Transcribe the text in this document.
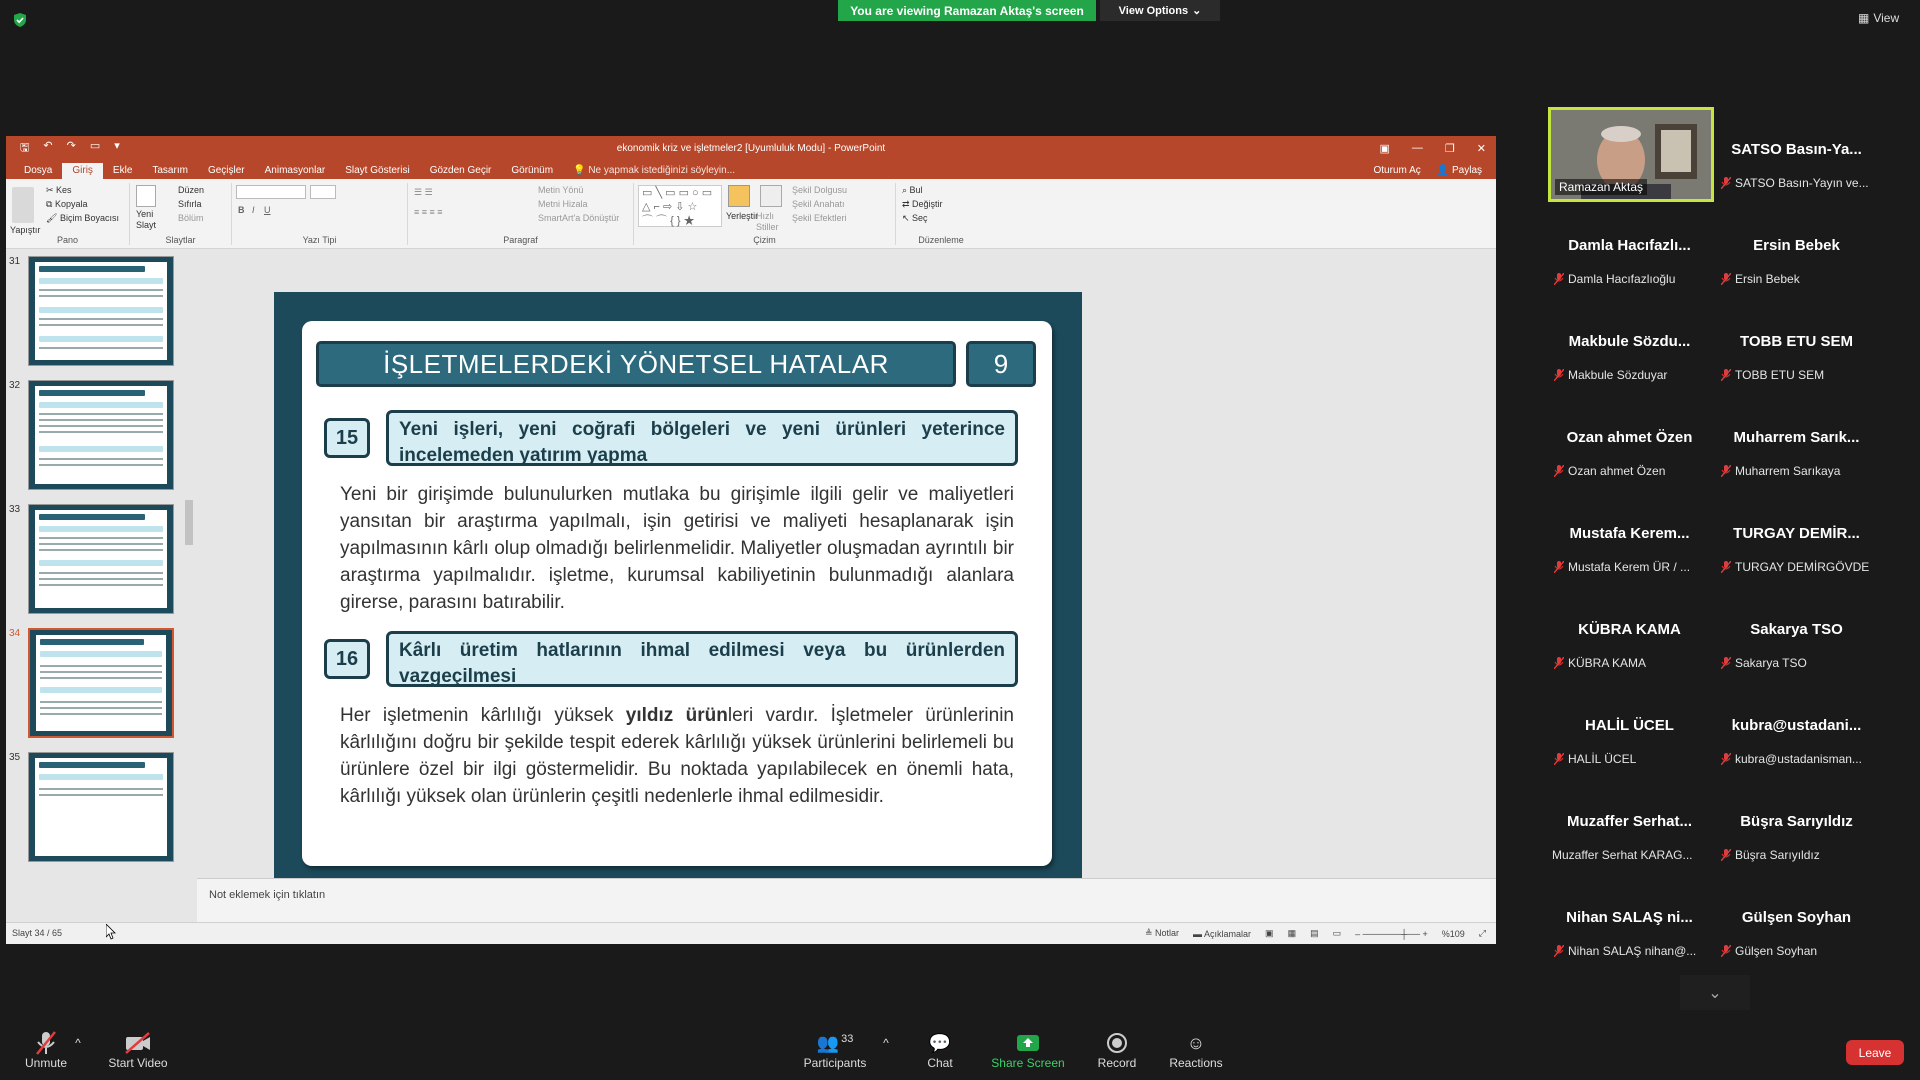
You are viewing Ramazan Aktaş's screen	View Options ⌄	▦ View
🖫 ↶ ↷ ▭ ▾	ekonomik kriz ve işletmeler2 [Uyumluluk Modu] - PowerPoint	▣ — ❐ ✕
Dosya	Giriş	Ekle	Tasarım	Geçişler	Animasyonlar	Slayt Gösterisi	Gözden Geçir	Görünüm	💡 Ne yapmak istediğinizi söyleyin...	Oturum Aç 👤 Paylaş
Yapıştır
✂ Kes
⧉ Kopyala
🖌 Biçim Boyacısı
Pano
Yeni Slayt
Düzen
Sıfırla
Bölüm
Slaytlar
B I U
Yazı Tipi
☰ ☰
≡ ≡ ≡ ≡
Metin Yönü
Metni Hizala
SmartArt'a Dönüştür
Paragraf
▭ ╲ ▭ ▭ ○ ▭
△ ⌐ ⇨ ⇩ ☆
⌒ ⌒ { } ★	Yerleştir
Hızlı Stiller
Şekil Dolgusu
Şekil Anahatı
Şekil Efektleri
Çizim
⌕ Bul
⇄ Değiştir
↖ Seç
Düzenleme
31
32
33
34
35
İŞLETMELERDEKİ YÖNETSEL HATALAR	9
15	Yeni işleri, yeni coğrafi bölgeleri ve yeni ürünleri yeterince incelemeden yatırım yapma
Yeni bir girişimde bulunulurken mutlaka bu girişimle ilgili gelir ve maliyetleri yansıtan bir araştırma yapılmalı, işin getirisi ve maliyeti hesaplanarak işin yapılmasının kârlı olup olmadığı belirlenmelidir. Maliyetler oluşmadan ayrıntılı bir araştırma yapılmalıdır. işletme, kurumsal kabiliyetinin bulunmadığı alanlara girerse, parasını batırabilir.
16	Kârlı üretim hatlarının ihmal edilmesi veya bu ürünlerden vazgeçilmesi
Her işletmenin kârlılığı yüksek yıldız ürünleri vardır. İşletmeler ürünlerinin kârlılığını doğru bir şekilde tespit ederek kârlılığı yüksek ürünlerini belirlemeli bu ürünlere özel bir ilgi göstermelidir. Bu noktada yapılabilecek en önemli hata, kârlılığı yüksek olan ürünlerin çeşitli nedenlerle ihmal edilmesidir.
Not eklemek için tıklatın
Slayt 34 / 65	≜ Notlar ▬ Açıklamalar ▣ ▦ ▤ ▭ – ──────┼── + %109 ⤢
Ramazan Aktaş
SATSO Basın-Ya...
SATSO Basın-Yayın ve...
Damla Hacıfazlı...
Damla Hacıfazlıoğlu
Ersin Bebek
Ersin Bebek
Makbule Sözdu...
Makbule Sözduyar
TOBB ETU SEM
TOBB ETU SEM
Ozan ahmet Özen
Ozan ahmet Özen
Muharrem Sarık...
Muharrem Sarıkaya
Mustafa Kerem...
Mustafa Kerem ÜR / ...
TURGAY DEMİR...
TURGAY DEMİRGÖVDE
KÜBRA KAMA
KÜBRA KAMA
Sakarya TSO
Sakarya TSO
HALİL ÜCEL
HALİL ÜCEL
kubra@ustadani...
kubra@ustadanisman...
Muzaffer Serhat...
Muzaffer Serhat KARAG...
Büşra Sarıyıldız
Büşra Sarıyıldız
Nihan SALAŞ ni...
Nihan SALAŞ nihan@...
Gülşen Soyhan
Gülşen Soyhan
⌄
Unmute
^
Start Video
👥 33
Participants
^ 💬
Chat	Share Screen	Record
☺
Reactions
Leave
